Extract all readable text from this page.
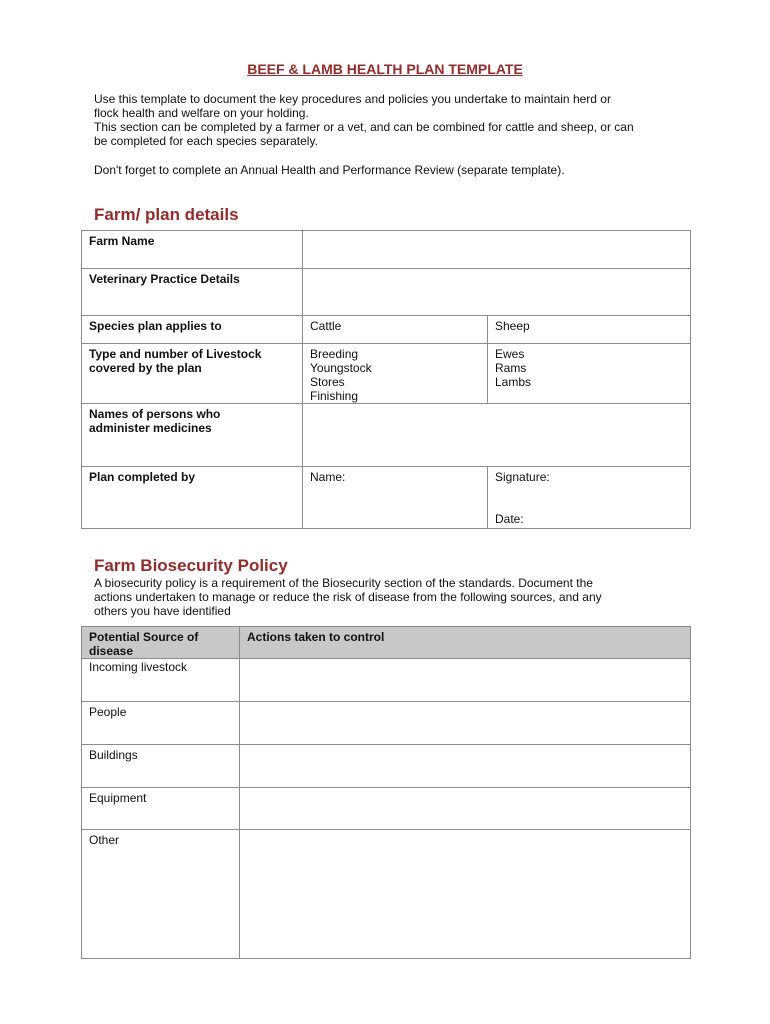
BEEF & LAMB HEALTH PLAN TEMPLATE

Use this template to document the key procedures and policies you undertake to maintain herd or
flock health and welfare on your holding.
This section can be completed by a farmer or a vet, and can be combined for cattle and sheep, or can
be completed for each species separately.

Don't forget to complete an Annual Health and Performance Review (separate template).

Farm/ plan details
Farm Name		
Veterinary Practice Details		
Species plan applies to	Cattle	Sheep

Type and number of Livestock
covered by the plan	Breeding
Youngstock
Stores
Finishing	Ewes
Rams
Lambs

Names of persons who
administer medicines		

Plan completed by	Name:	Signature:
Date:
Farm Biosecurity Policy

A biosecurity policy is a requirement of the Biosecurity section of the standards. Document the
actions undertaken to manage or reduce the risk of disease from the following sources, and any
others you have identified

Potential Source of
disease	Actions taken to control
Incoming livestock	
People	
Buildings	
Equipment	
Other	
